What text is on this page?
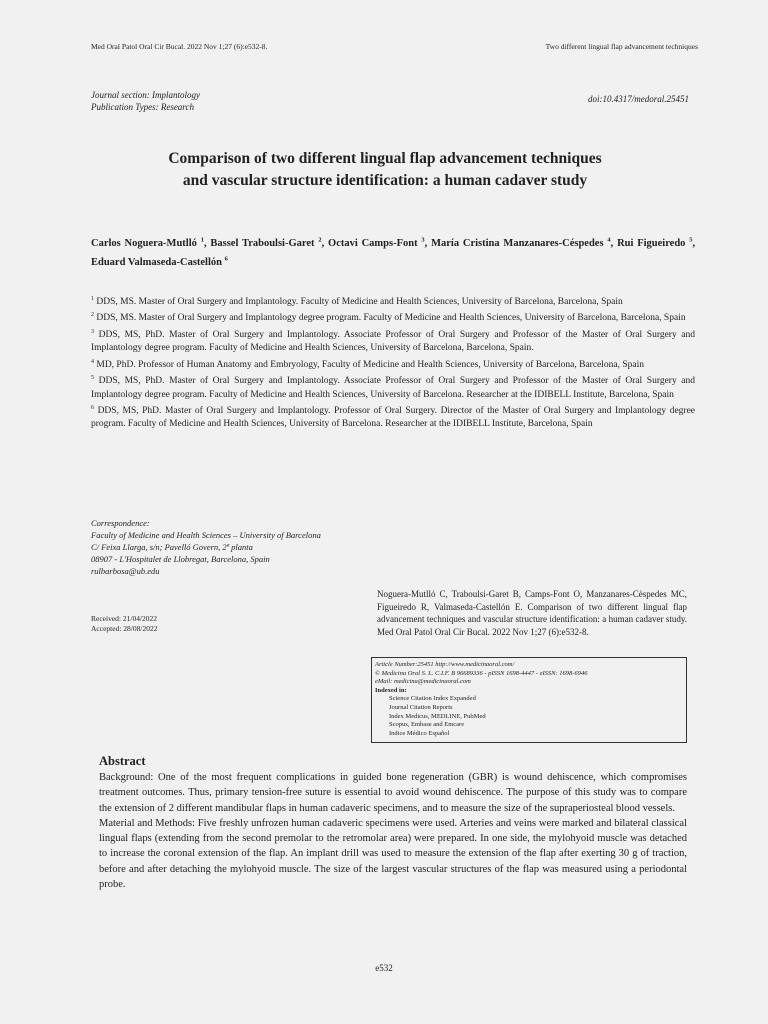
Med Oral Patol Oral Cir Bucal. 2022 Nov 1;27 (6):e532-8.	Two different lingual flap advancement techniques
Journal section: Implantology
Publication Types: Research
doi:10.4317/medoral.25451
Comparison of two different lingual flap advancement techniques
and vascular structure identification: a human cadaver study
Carlos Noguera-Mutlló $^1$, Bassel Traboulsi-Garet $^2$, Octavi Camps-Font $^3$, María Cristina Manzanares-Céspedes $^4$, Rui Figueiredo $^5$, Eduard Valmaseda-Castellón $^6$

$^1$ DDS, MS. Master of Oral Surgery and Implantology. Faculty of Medicine and Health Sciences, University of Barcelona, Barcelona, Spain

$^2$ DDS, MS. Master of Oral Surgery and Implantology degree program. Faculty of Medicine and Health Sciences, University of Barcelona, Barcelona, Spain

$^3$ DDS, MS, PhD. Master of Oral Surgery and Implantology. Associate Professor of Oral Surgery and Professor of the Master of Oral Surgery and Implantology degree program. Faculty of Medicine and Health Sciences, University of Barcelona, Barcelona, Spain.

$^4$ MD, PhD. Professor of Human Anatomy and Embryology, Faculty of Medicine and Health Sciences, University of Barcelona, Barcelona, Spain

$^5$ DDS, MS, PhD. Master of Oral Surgery and Implantology. Associate Professor of Oral Surgery and Professor of the Master of Oral Surgery and Implantology degree program. Faculty of Medicine and Health Sciences, University of Barcelona. Researcher at the IDIBELL Institute, Barcelona, Spain

$^6$ DDS, MS, PhD. Master of Oral Surgery and Implantology. Professor of Oral Surgery. Director of the Master of Oral Surgery and Implantology degree program. Faculty of Medicine and Health Sciences, University of Barcelona. Researcher at the IDIBELL Institute, Barcelona, Spain

Correspondence:
Faculty of Medicine and Health Sciences – University of Barcelona
C/ Feixa Llarga, s/n; Pavelló Govern, 2ª planta
08907 - L'Hospitalet de Llobregat, Barcelona, Spain
rulbarbosa@ub.edu
Received: 21/04/2022
Accepted: 28/08/2022
Noguera-Mutlló C, Traboulsi-Garet B, Camps-Font O, Manzanares-Cèspedes MC, Figueiredo R, Valmaseda-Castellón E. Comparison of two different lingual flap advancement techniques and vascular structure identification: a human cadaver study. Med Oral Patol Oral Cir Bucal. 2022 Nov 1;27 (6):e532-8.
Article Number:25451 http://www.medicinaoral.com/
© Medicina Oral S. L. C.I.F. B 96689336 - pISSN 1698-4447 - eISSN: 1698-6946
eMail: medicina@medicinaoral.com
Indexed in:
Science Citation Index Expanded
Journal Citation Reports
Index Medicus, MEDLINE, PubMed
Scopus, Embase and Emcare
Indice Médico Español
Abstract

Background: One of the most frequent complications in guided bone regeneration (GBR) is wound dehiscence, which compromises treatment outcomes. Thus, primary tension-free suture is essential to avoid wound dehiscence. The purpose of this study was to compare the extension of 2 different mandibular flaps in human cadaveric specimens, and to measure the size of the supraperiosteal blood vessels.

Material and Methods: Five freshly unfrozen human cadaveric specimens were used. Arteries and veins were marked and bilateral classical lingual flaps (extending from the second premolar to the retromolar area) were prepared. In one side, the mylohyoid muscle was detached to increase the coronal extension of the flap. An implant drill was used to measure the extension of the flap after exerting 30 g of traction, before and after detaching the mylohyoid muscle. The size of the largest vascular structures of the flap was measured using a periodontal probe.

e532
